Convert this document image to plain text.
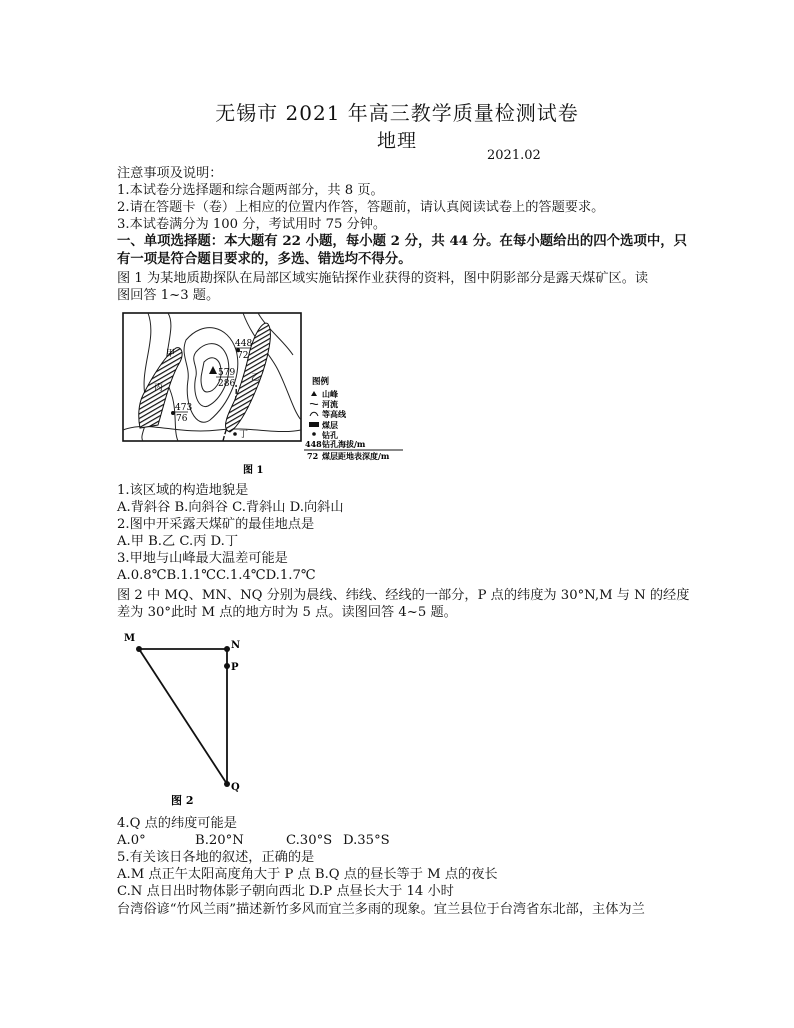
无锡市 2021 年高三教学质量检测试卷
地理
2021.02
注意事项及说明：
1.本试卷分选择题和综合题两部分，共 8 页。
2.请在答题卡（卷）上相应的位置内作答，答题前，请认真阅读试卷上的答题要求。
3.本试卷满分为 100 分，考试用时 75 分钟。
一、单项选择题：本大题有 22 小题，每小题 2 分，共 44 分。在每小题给出的四个选项中，只
有一项是符合题目要求的，多选、错选均不得分。
图 1 为某地质勘探队在局部区域实施钻探作业获得的资料，图中阴影部分是露天煤矿区。读
图回答 1~3 题。
579
286
448
72
473
76
甲
乙
丙
丁
图例
山峰
河流
等高线
煤层
钻孔
448 钻孔海拔/m
72 煤层距地表深度/m
图 1
1.该区域的构造地貌是
A.背斜谷 B.向斜谷 C.背斜山 D.向斜山
2.图中开采露天煤矿的最佳地点是
A.甲 B.乙 C.丙 D.丁
3.甲地与山峰最大温差可能是
A.0.8℃B.1.1℃C.1.4℃D.1.7℃
图 2 中 MQ、MN、NQ 分别为晨线、纬线、经线的一部分，P 点的纬度为 30°N,M 与 N 的经度
差为 30°此时 M 点的地方时为 5 点。读图回答 4~5 题。
M
N
P
Q
图 2
4.Q 点的纬度可能是
A.0°	B.20°N	C.30°S D.35°S
5.有关该日各地的叙述，正确的是
A.M 点正午太阳高度角大于 P 点 B.Q 点的昼长等于 M 点的夜长
C.N 点日出时物体影子朝向西北 D.P 点昼长大于 14 小时
台湾俗谚“竹风兰雨”描述新竹多风而宜兰多雨的现象。宜兰县位于台湾省东北部，主体为兰
